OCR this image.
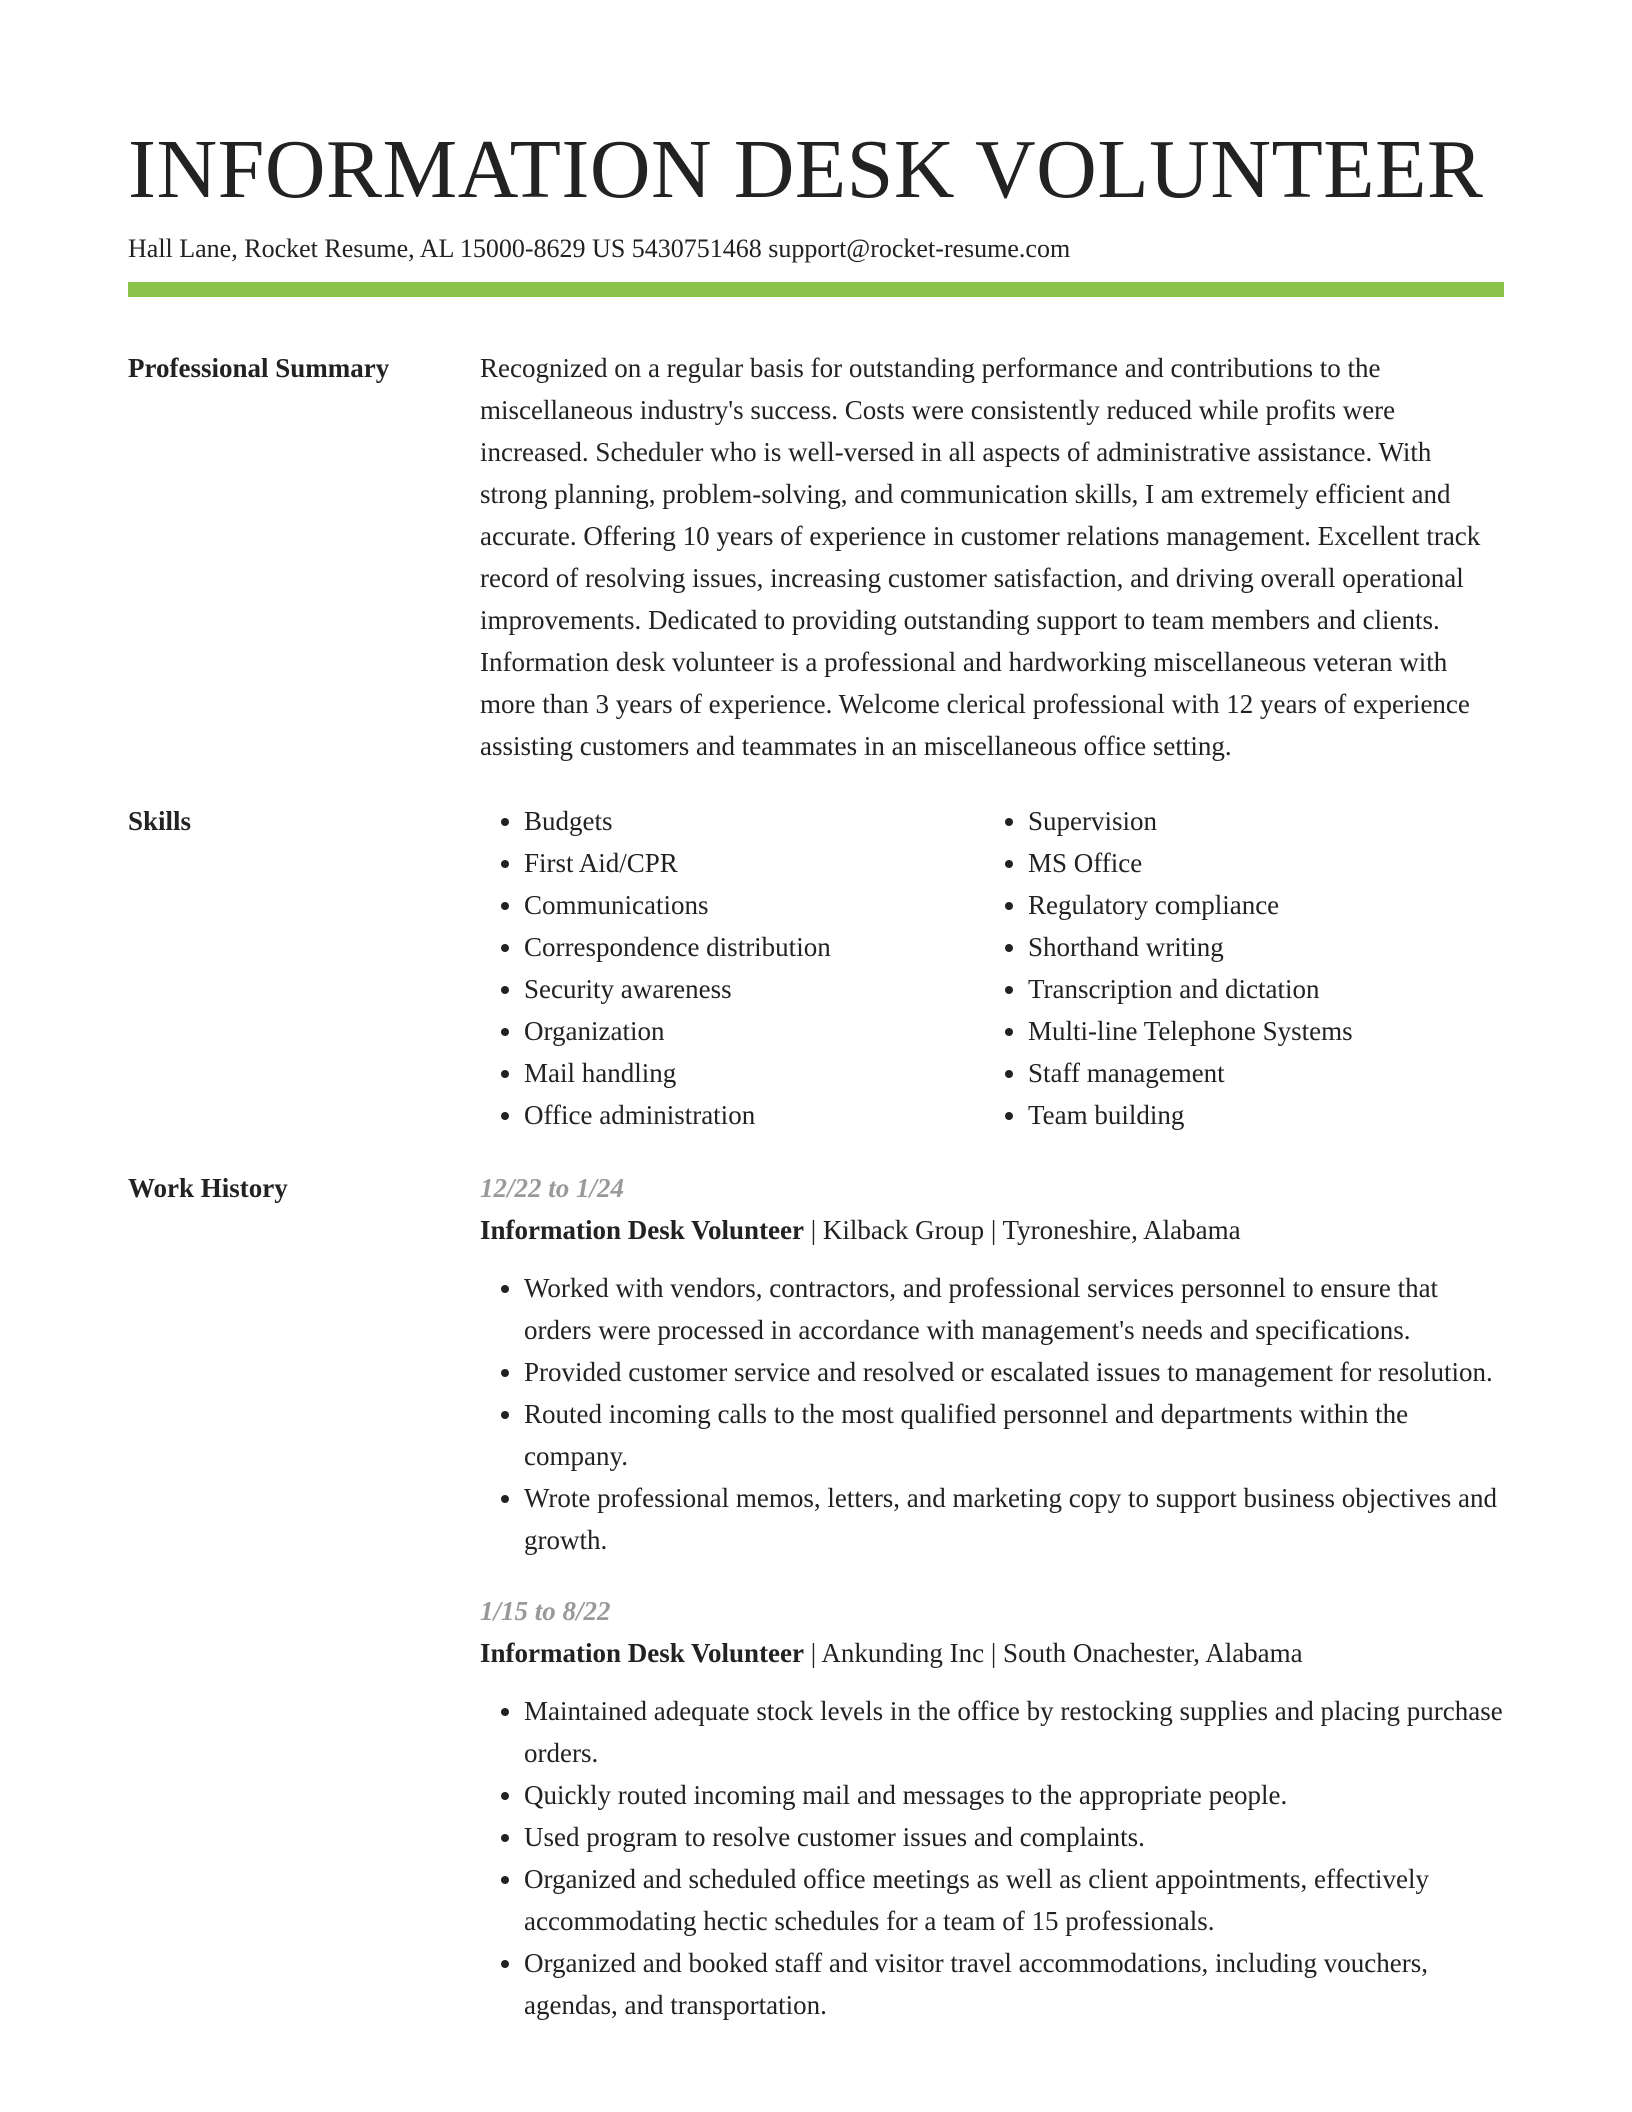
INFORMATION DESK VOLUNTEER
Hall Lane, Rocket Resume, AL 15000-8629 US 5430751468 support@rocket-resume.com
Professional Summary	Recognized on a regular basis for outstanding performance and contributions to the miscellaneous industry's success. Costs were consistently reduced while profits were increased. Scheduler who is well-versed in all aspects of administrative assistance. With strong planning, problem-solving, and communication skills, I am extremely efficient and accurate. Offering 10 years of experience in customer relations management. Excellent track record of resolving issues, increasing customer satisfaction, and driving overall operational improvements. Dedicated to providing outstanding support to team members and clients. Information desk volunteer is a professional and hardworking miscellaneous veteran with more than 3 years of experience. Welcome clerical professional with 12 years of experience assisting customers and teammates in an miscellaneous office setting.
Skills
•	Budgets
• First Aid/CPR
• Communications
• Correspondence distribution
• Security awareness
• Organization
• Mail handling
• Office administration
• Supervision
• MS Office
• Regulatory compliance
• Shorthand writing
• Transcription and dictation
• Multi-line Telephone Systems
• Staff management
• Team building
Work History	12/22 to 1/24
Information Desk Volunteer | Kilback Group | Tyroneshire, Alabama
• Worked with vendors, contractors, and professional services personnel to ensure that orders were processed in accordance with management's needs and specifications.
• Provided customer service and resolved or escalated issues to management for resolution.
• Routed incoming calls to the most qualified personnel and departments within the company.
• Wrote professional memos, letters, and marketing copy to support business objectives and growth.
1/15 to 8/22
Information Desk Volunteer | Ankunding Inc | South Onachester, Alabama
• Maintained adequate stock levels in the office by restocking supplies and placing purchase orders.
• Quickly routed incoming mail and messages to the appropriate people.
• Used program to resolve customer issues and complaints.
• Organized and scheduled office meetings as well as client appointments, effectively accommodating hectic schedules for a team of 15 professionals.
• Organized and booked staff and visitor travel accommodations, including vouchers, agendas, and transportation.
